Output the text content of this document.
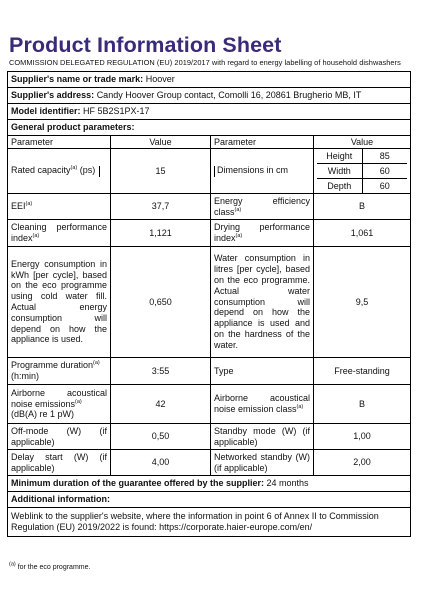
Product Information Sheet
COMMISSION DELEGATED REGULATION (EU) 2019/2017 with regard to energy labelling of household dishwashers
Supplier's name or trade mark: Hoover
Supplier's address: Candy Hoover Group contact, Comolli 16, 20861 Brugherio MB, IT
Model identifier: HF 5B2S1PX-17
General product parameters:
Parameter	Value	Parameter	Value
Rated capacity$^{(a)}$ (ps)	15	Dimensions in cm	
Height	85
Width	60
Depth	60

EEI$^{(a)}$	37,7	Energy efficiency class$^{(a)}$	B
Cleaning performance index$^{(a)}$	1,121	Drying performance index$^{(a)}$	1,061
Energy consumption in kWh [per cycle], based on the eco programme using cold water fill. Actual energy consumption will depend on how the appliance is used.	0,650	Water consumption in litres [per cycle], based on the eco programme. Actual water consumption will depend on how the appliance is used and on the hardness of the water.	9,5
Programme duration$^{(a)}$
(h:min)	3:55	Type	Free-standing
Airborne acoustical noise emissions$^{(a)}$
(dB(A) re 1 pW)	42	Airborne acoustical noise emission class$^{(a)}$	B
Off-mode (W) (if applicable)	0,50	Standby mode (W) (if applicable)	1,00
Delay start (W) (if applicable)	4,00	Networked standby (W) (if applicable)	2,00
Minimum duration of the guarantee offered by the supplier: 24 months
Additional information:
Weblink to the supplier's website, where the information in point 6 of Annex II to Commission Regulation (EU) 2019/2022 is found: https://corporate.haier-europe.com/en/
$^{(a)}$ for the eco programme.
